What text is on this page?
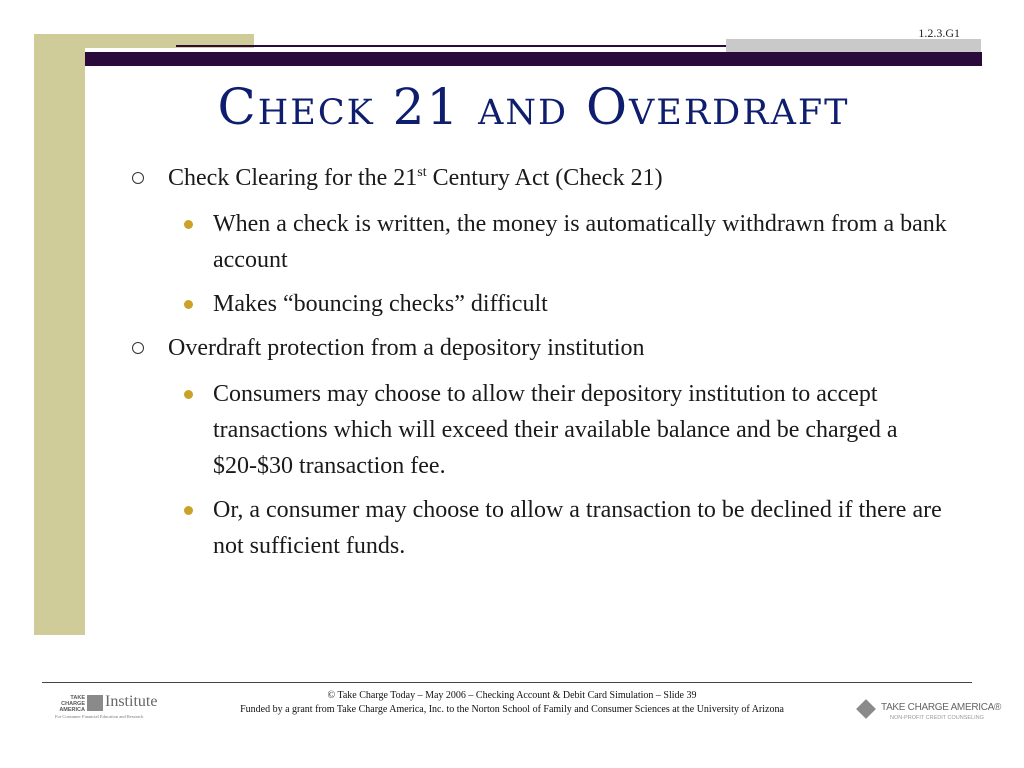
1.2.3.G1
Check 21 and Overdraft

Check Clearing for the 21st Century Act (Check 21)

When a check is written, the money is automatically withdrawn from a bank account

Makes “bouncing checks” difficult

Overdraft protection from a depository institution

Consumers may choose to allow their depository institution to accept transactions which will exceed their available balance and be charged a $20-$30 transaction fee.

Or, a consumer may choose to allow a transaction to be declined if there are not sufficient funds.

© Take Charge Today – May 2006 – Checking Account & Debit Card Simulation – Slide 39
Funded by a grant from Take Charge America, Inc. to the Norton School of Family and Consumer Sciences at the University of Arizona
TAKE CHARGE AMERICA Institute
For Consumer Financial Education and Research
TAKE CHARGE AMERICA®
NON-PROFIT CREDIT COUNSELING
